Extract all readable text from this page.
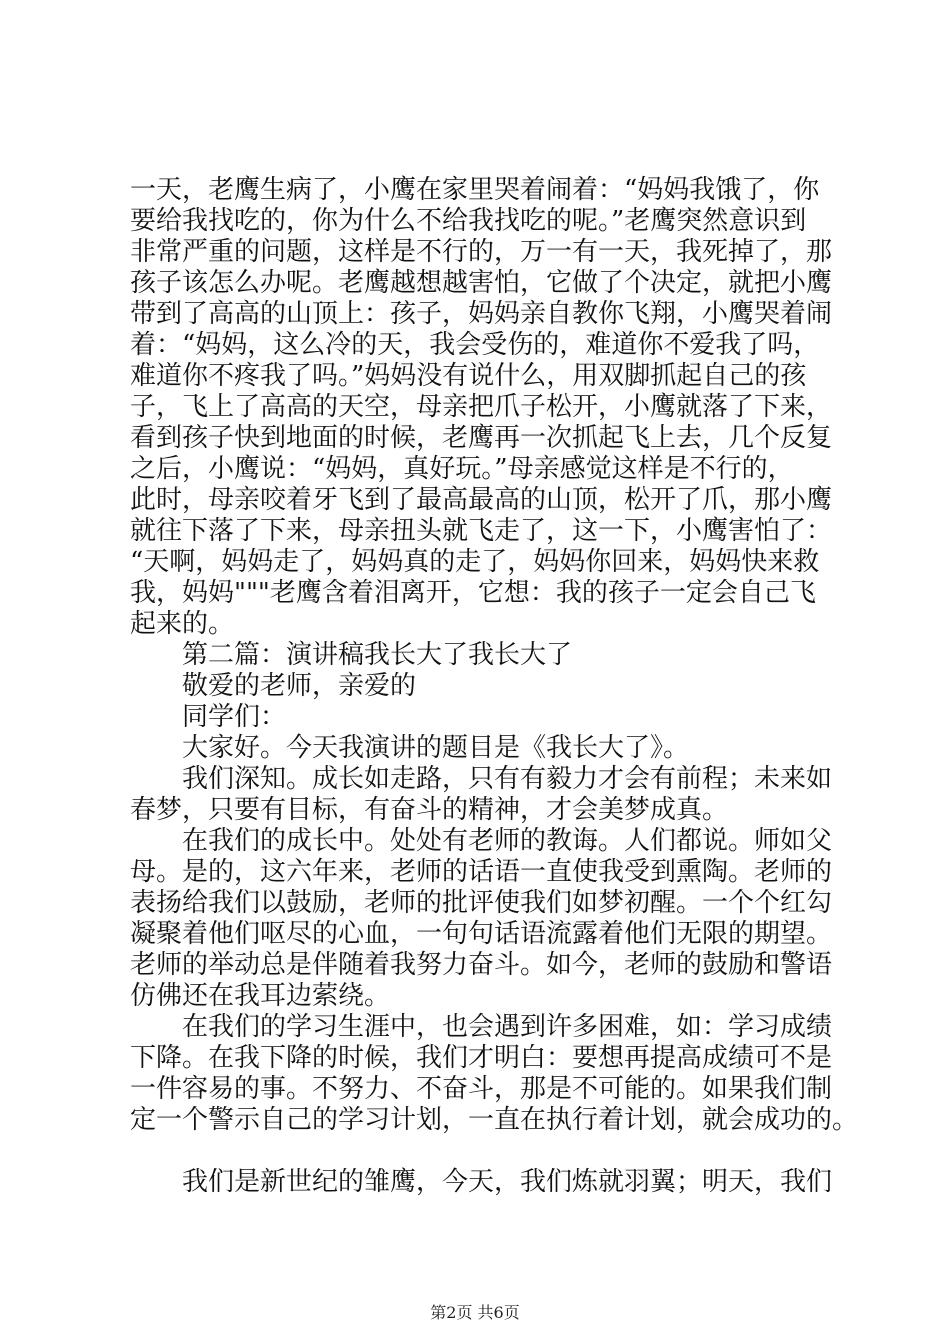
一天，老鹰生病了，小鹰在家里哭着闹着：“妈妈我饿了，你
要给我找吃的，你为什么不给我找吃的呢。”老鹰突然意识到
非常严重的问题，这样是不行的，万一有一天，我死掉了，那
孩子该怎么办呢。老鹰越想越害怕，它做了个决定，就把小鹰
带到了高高的山顶上：孩子，妈妈亲自教你飞翔，小鹰哭着闹
着：“妈妈，这么冷的天，我会受伤的，难道你不爱我了吗，
难道你不疼我了吗。”妈妈没有说什么，用双脚抓起自己的孩
子，飞上了高高的天空，母亲把爪子松开，小鹰就落了下来，
看到孩子快到地面的时候，老鹰再一次抓起飞上去，几个反复
之后，小鹰说：“妈妈，真好玩。”母亲感觉这样是不行的，
此时，母亲咬着牙飞到了最高最高的山顶，松开了爪，那小鹰
就往下落了下来，母亲扭头就飞走了，这一下，小鹰害怕了：
“天啊，妈妈走了，妈妈真的走了，妈妈你回来，妈妈快来救
我，妈妈"""老鹰含着泪离开，它想：我的孩子一定会自己飞
起来的。
第二篇：演讲稿我长大了我长大了
敬爱的老师，亲爱的
同学们：
大家好。今天我演讲的题目是《我长大了》。
我们深知。成长如走路，只有有毅力才会有前程；未来如
春梦，只要有目标，有奋斗的精神，才会美梦成真。
在我们的成长中。处处有老师的教诲。人们都说。师如父
母。是的，这六年来，老师的话语一直使我受到熏陶。老师的
表扬给我们以鼓励，老师的批评使我们如梦初醒。一个个红勾
凝聚着他们呕尽的心血，一句句话语流露着他们无限的期望。
老师的举动总是伴随着我努力奋斗。如今，老师的鼓励和警语
仿佛还在我耳边萦绕。
在我们的学习生涯中，也会遇到许多困难，如：学习成绩
下降。在我下降的时候，我们才明白：要想再提高成绩可不是
一件容易的事。不努力、不奋斗，那是不可能的。如果我们制
定一个警示自己的学习计划，一直在执行着计划，就会成功的。
我们是新世纪的雏鹰，今天，我们炼就羽翼；明天，我们
第2页 共6页
